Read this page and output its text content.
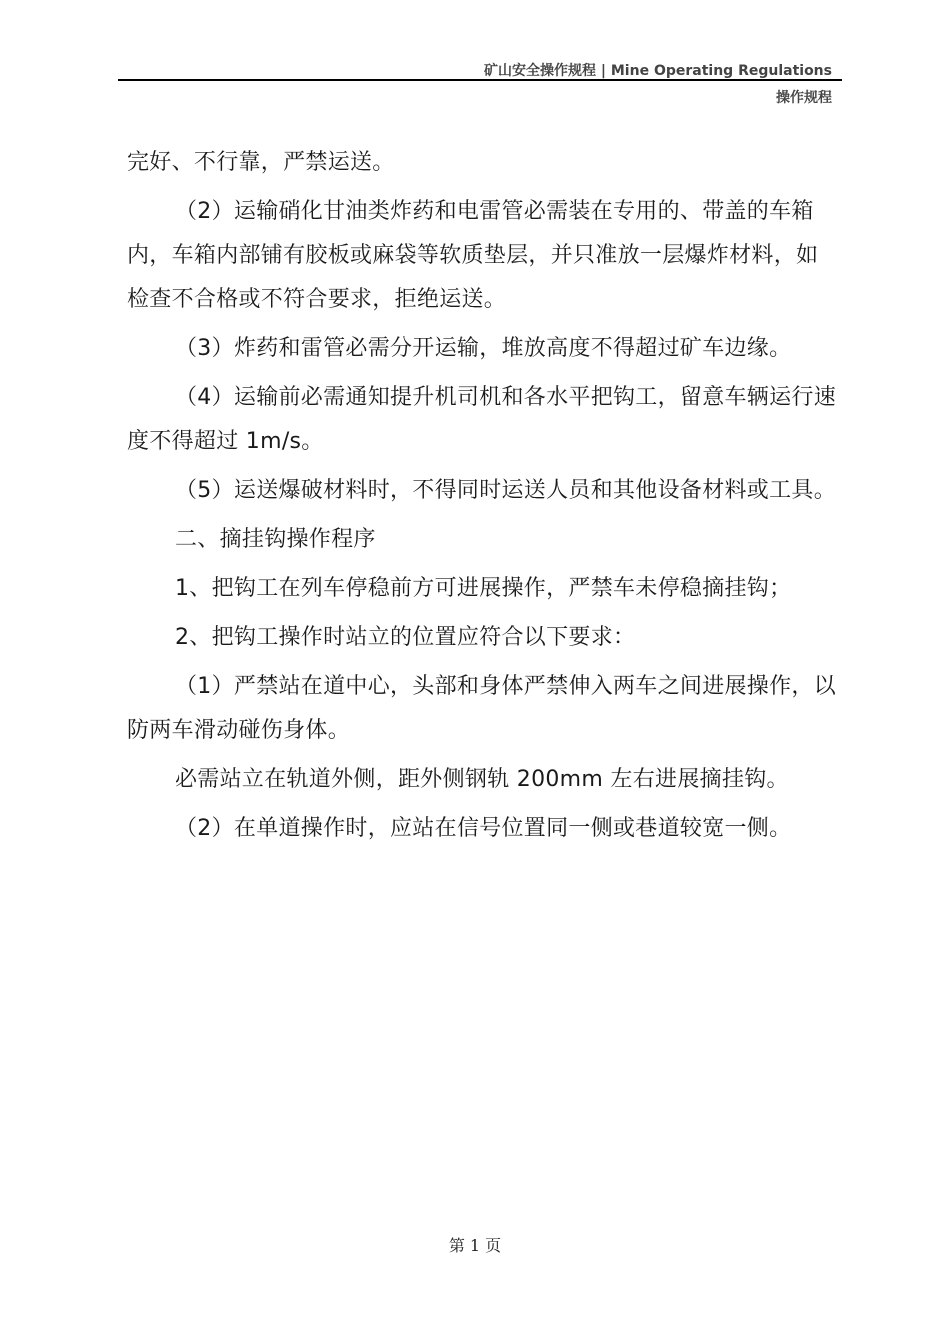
矿山安全操作规程 | Mine Operating Regulations
操作规程

完好、不行靠，严禁运送。

（2）运输硝化甘油类炸药和电雷管必需装在专用的、带盖的车箱内，车箱内部铺有胶板或麻袋等软质垫层，并只准放一层爆炸材料，如检查不合格或不符合要求，拒绝运送。

（3）炸药和雷管必需分开运输，堆放高度不得超过矿车边缘。

（4）运输前必需通知提升机司机和各水平把钩工，留意车辆运行速度不得超过 1m/s。

（5）运送爆破材料时，不得同时运送人员和其他设备材料或工具。

二、摘挂钩操作程序

1、把钩工在列车停稳前方可进展操作，严禁车未停稳摘挂钩；

2、把钩工操作时站立的位置应符合以下要求：

（1）严禁站在道中心，头部和身体严禁伸入两车之间进展操作，以防两车滑动碰伤身体。

必需站立在轨道外侧，距外侧钢轨 200mm 左右进展摘挂钩。

（2）在单道操作时，应站在信号位置同一侧或巷道较宽一侧。

第 1 页
